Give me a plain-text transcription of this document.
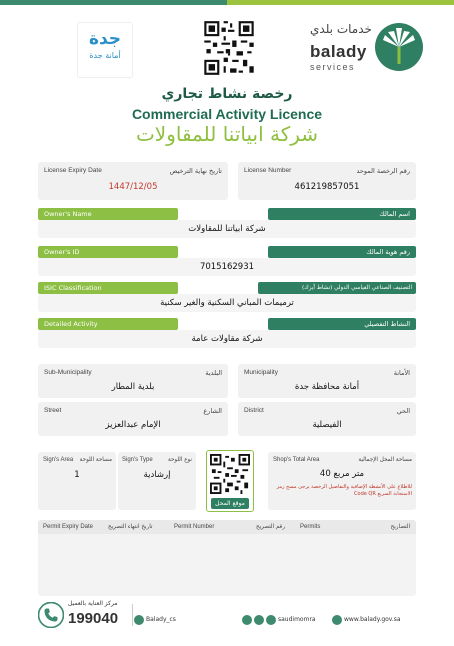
جدة
أمانة جدة
خدمات بلدي
balady
services
رخصة نشاط تجاري
Commercial Activity Licence
شركة ابياتنا للمقاولات
License Expiry Date	تاريخ نهاية الترخيص
1447/12/05
License Number	رقم الرخصة الموحد
461219857051
Owner's Name	اسم المالك
شركة ابياتنا للمقاولات
Owner's ID	رقم هوية المالك
7015162931
ISIC Classification	التصنيف الصناعي القياسي الدولي (نشاط آيزك)
ترميمات المباني السكنية والغير سكنية
Detailed Activity	النشاط التفصيلي
شركة مقاولات عامة
Sub-Municipality	البلدية
بلدية المطار
Municipality	الأمانة
أمانة محافظة جدة
Street	الشارع
الإمام عبدالعزيز
District	الحي
الفيصلية
Sign's Area مساحة اللوحة
1
Sign's Type	نوع اللوحة
إرشادية
موقع المحل
Shop's Total Area	مساحة المحل الإجمالية
40 متر مربع
للاطلاع على الأنشطة الإضافية والتفاصيل الرخصة يرجى مسح رمز الاستجابة السريع Code QR
Permit Expiry Date	تاريخ انتهاء التصريح	Permit Number	رقم التصريح	Permits	التصاريح
مركز العناية بالعميل
199040	Balady_cs	saudimomra	www.balady.gov.sa
